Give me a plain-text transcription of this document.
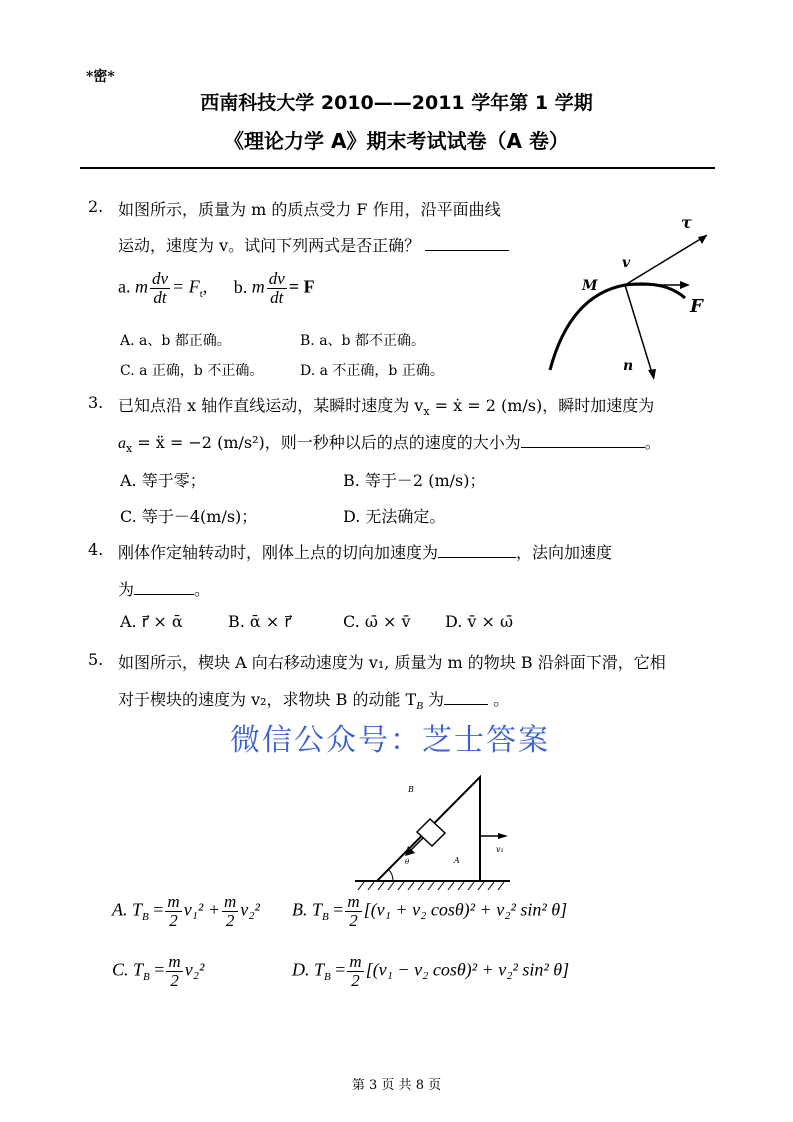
*密*
西南科技大学 2010——2011 学年第 1 学期
《理论力学 A》期末考试试卷（A 卷）
2. 如图所示，质量为 m 的质点受力 F 作用，沿平面曲线
运动，速度为 v。试问下列两式是否正确？
a. m $\frac{dv}{dt} = F_t$, b. m $\frac{dv}{dt} = F$
A. a、b 都正确。	B. a、b 都不正确。
C. a 正确，b 不正确。	D. a 不正确，b 正确。
τ
v
M
F
n
3. 已知点沿 x 轴作直线运动，某瞬时速度为 $v_x$ = ẋ = 2 (m/s)，瞬时加速度为
$a_x$ = ẍ = −2 (m/s²)，则一秒种以后的点的速度的大小为	。
A. 等于零；	B. 等于－2 (m/s)；
C. 等于－4(m/s)；	D. 无法确定。
4. 刚体作定轴转动时，刚体上点的切向加速度为	，法向加速度
为	。
A. r⃗ × ᾱ	B. ᾱ × r⃗	C. ω̄ × v̄ D. v̄ × ω̄
5. 如图所示，楔块 A 向右移动速度为 v₁, 质量为 m 的物块 B 沿斜面下滑，它相
对于楔块的速度为 v₂，求物块 B 的动能 $T_B$ 为	。
微信公众号：芝士答案
B
θ	A
v₁
A. $T_B = \frac{m}{2} v_1^2 + \frac{m}{2} v_2^2$ B. $T_B = \frac{m}{2} [(v_1 + v_2$ cosθ)² + v₂² sin² θ]
C. $T_B = \frac{m}{2} v_2^2$	D. $T_B = \frac{m}{2} [(v_1 - v_2$ cosθ)² + v₂² sin² θ]
第 3 页 共 8 页
